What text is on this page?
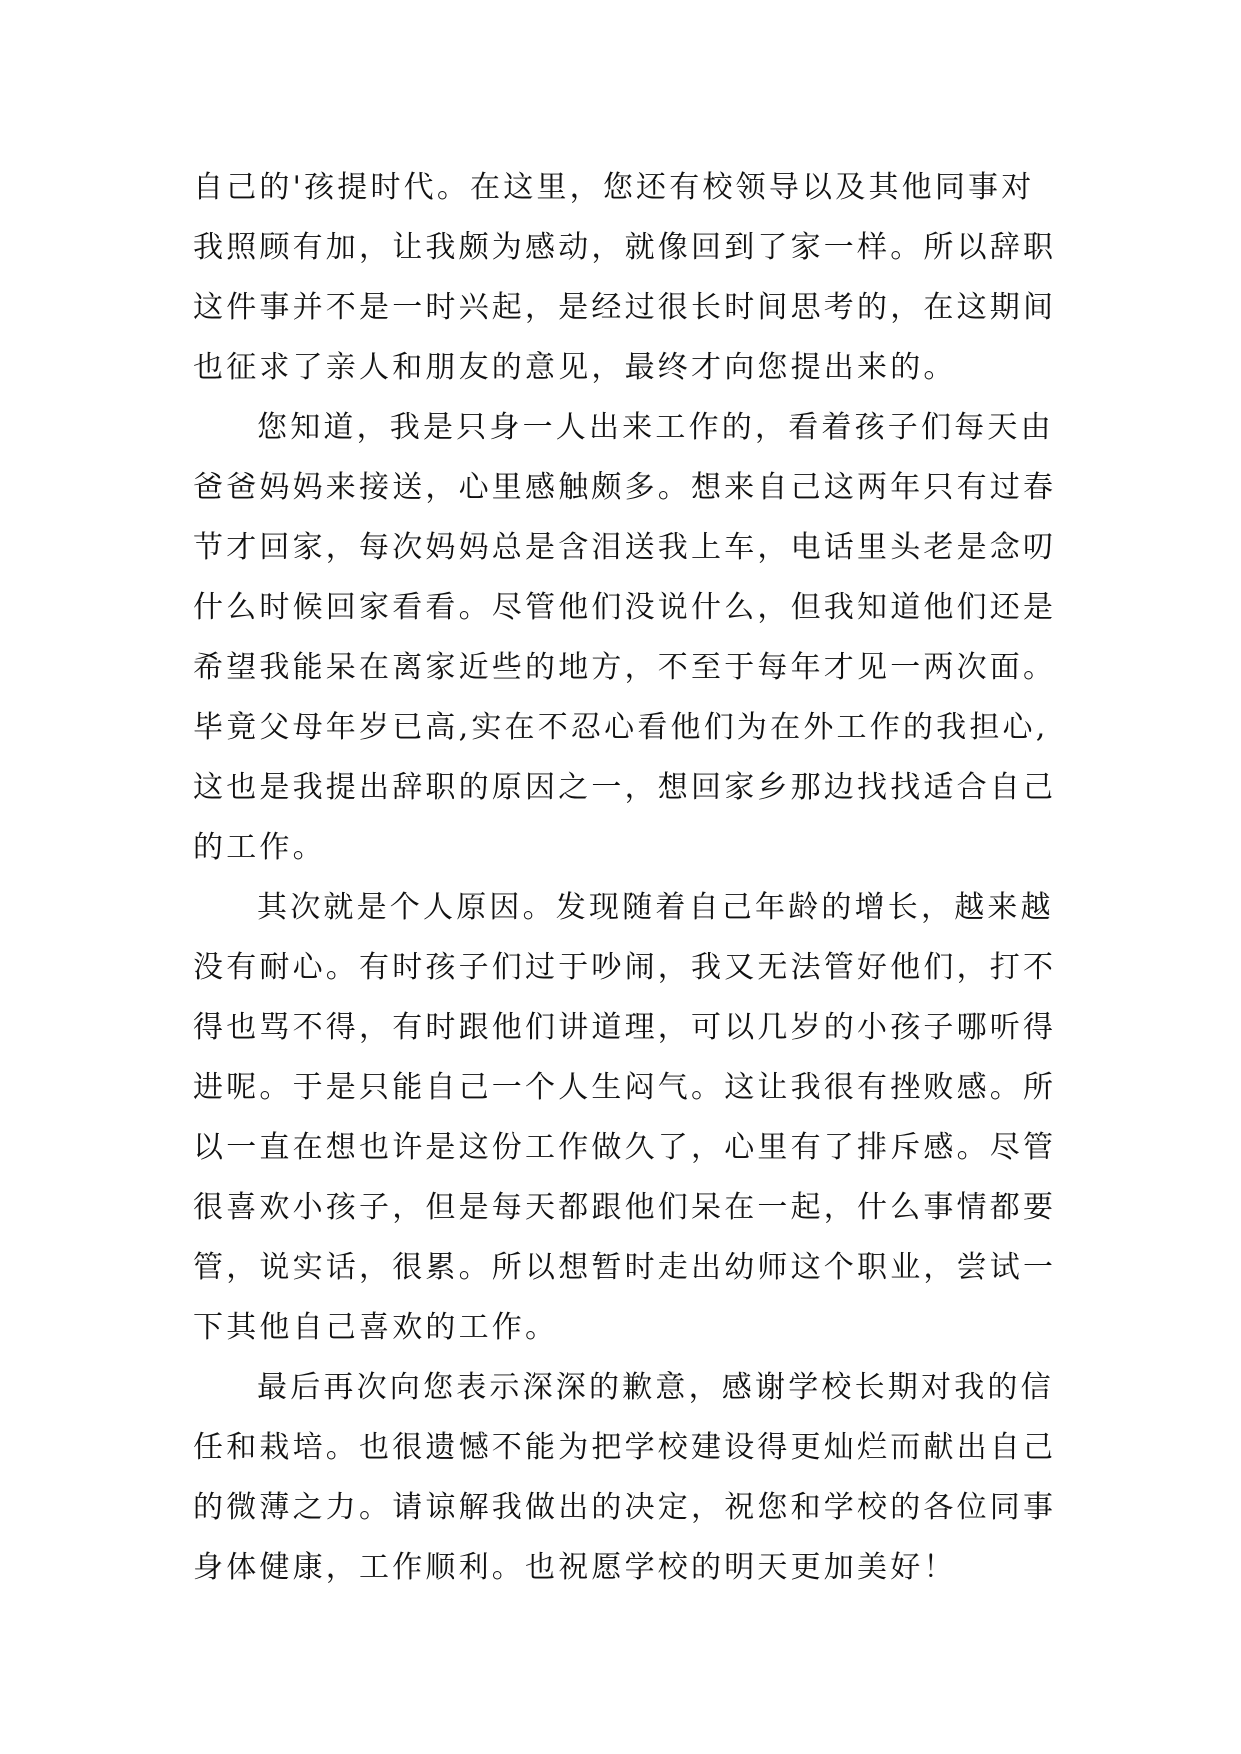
自己的'孩提时代。在这里，您还有校领导以及其他同事对
我照顾有加，让我颇为感动，就像回到了家一样。所以辞职
这件事并不是一时兴起，是经过很长时间思考的，在这期间
也征求了亲人和朋友的意见，最终才向您提出来的。
您知道，我是只身一人出来工作的，看着孩子们每天由
爸爸妈妈来接送，心里感触颇多。想来自己这两年只有过春
节才回家，每次妈妈总是含泪送我上车，电话里头老是念叨
什么时候回家看看。尽管他们没说什么，但我知道他们还是
希望我能呆在离家近些的地方，不至于每年才见一两次面。
毕竟父母年岁已高,实在不忍心看他们为在外工作的我担心,
这也是我提出辞职的原因之一，想回家乡那边找找适合自己
的工作。
其次就是个人原因。发现随着自己年龄的增长，越来越
没有耐心。有时孩子们过于吵闹，我又无法管好他们，打不
得也骂不得，有时跟他们讲道理，可以几岁的小孩子哪听得
进呢。于是只能自己一个人生闷气。这让我很有挫败感。所
以一直在想也许是这份工作做久了，心里有了排斥感。尽管
很喜欢小孩子，但是每天都跟他们呆在一起，什么事情都要
管，说实话，很累。所以想暂时走出幼师这个职业，尝试一
下其他自己喜欢的工作。
最后再次向您表示深深的歉意，感谢学校长期对我的信
任和栽培。也很遗憾不能为把学校建设得更灿烂而献出自己
的微薄之力。请谅解我做出的决定，祝您和学校的各位同事
身体健康，工作顺利。也祝愿学校的明天更加美好！
